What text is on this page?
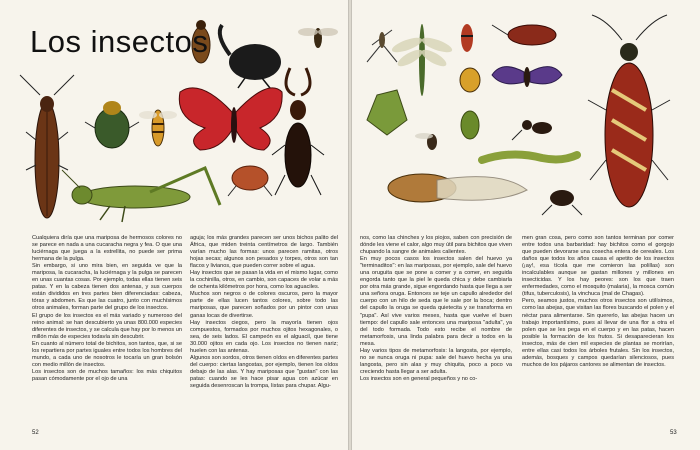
Los insectos

Cualquiera diría que una mariposa de hermosos colores no se parece en nada a una cucaracha negra y fea. O que una luciérnaga que juega a la estrellita, no puede ser prima hermana de la pulga.

Sin embargo, si uno mira bien, en seguida ve que la mariposa, la cucaracha, la luciérnaga y la pulga se parecen en unas cuantas cosas. Por ejemplo, todas ellas tienen seis patas. Y en la cabeza tienen dos antenas, y sus cuerpos están divididos en tres partes bien diferenciadas: cabeza, tórax y abdomen. Es que las cuatro, junto con muchísimos otros animales, forman parte del grupo de los insectos.

El grupo de los insectos es el más variado y numeroso del reino animal: se han descubierto ya unas 800.000 especies diferentes de insectos, y se calcula que hay por lo menos un millón más de especies todavía sin descubrir.

En cuanto al número total de bichitos, son tantos, que, si se los repartiera por partes iguales entre todos los hombres del mundo, a cada uno de nosotros le tocaría un gran bolsón con medio millón de insectos.

Los insectos son de muchos tamaños: los más chiquitos pasan cómodamente por el ojo de una

aguja; los más grandes parecen ser unos bichos palito del África, que miden treinta centímetros de largo. También varían mucho las formas: unos parecen ramitas, otros hojas secas; algunos son pesados y torpes, otros son tan flacos y livianos, que pueden correr sobre el agua.

Hay insectos que se pasan la vida en el mismo lugar, como la cochinilla, otros, en cambio, son capaces de volar a más de ochenta kilómetros por hora, como los aguaciles.

Muchos son negros o de colores oscuros, pero la mayor parte de ellas lucen tantos colores, sobre todo las mariposas, que parecen soñados por un pintor con unas ganas locas de divertirse.

Hay insectos ciegos, pero la mayoría tienen ojos compuestos, formados por muchos ojitos hexagonales, o sea, de seis lados. El campeón es el alguacil, que tiene 30.000 ojitos en cada ojo. Los insectos no tienen nariz; huelen con las antenas.

Algunos son sordos, otros tienen oídos en diferentes partes del cuerpo: ciertas langostas, por ejemplo, tienen los oídos debajo de las alas. Y hay mariposas que "gustan" con las patas: cuando se les hace pisar agua con azúcar en seguida desenroscan la trompa, listas para chupar. Algu-

52

nos, como las chinches y los piojos, saben con precisión de dónde les viene el calor, algo muy útil para bichitos que viven chupando la sangre de animales calientes.

En muy pocos casos los insectos salen del huevo ya "terminaditos": en las mariposas, por ejemplo, sale del huevo una oruguita que se pone a comer y a comer, en seguida engorda tanto que la piel le queda chica y debe cambiarla por otra más grande, sigue engordando hasta que llega a ser una señora oruga. Entonces se teje un capullo alrededor del cuerpo con un hilo de seda que le sale por la boca; dentro del capullo la oruga se queda quietecita y se transforma en "pupa". Así vive varios meses, hasta que vuelve el buen tiempo: del capullo sale entonces una mariposa "adulta", ya del todo formada. Todo esto recibe el nombre de metamorfosis, una linda palabra para decir a todos en la mesa.

Hay varios tipos de metamorfosis: la langosta, por ejemplo, no se nunca oruga ni pupa: sale del huevo hecha ya una langosta, pero sin alas y muy chiquita, poco a poco va creciendo hasta llegar a ser adulta.

Los insectos son en general pequeños y no co-

men gran cosa, pero como son tantos terminan por comer entre todos una barbaridad: hay bichitos como el gorgojo que pueden devorarse una cosecha entera de cereales. Los daños que todos los años causa el apetito de los insectos (¡ay!, esa tícola que me comieron las polillas) son incalculables aunque se gastan millones y millones en insecticidas. Y los hay peores: son los que traen enfermedades, como el mosquito (malaria), la mosca común (tifus, tuberculosis), la vinchuca (mal de Chagas).

Pero, seamos justos, muchos otros insectos son utilísimos, como las abejas, que visitan las flores buscando el polen y el néctar para alimentarse. Sin quererlo, las abejas hacen un trabajo importantísimo, pues al llevar de una flor a otra el polen que se les pega en el cuerpo y en las patas, hacen posible la formación de los frutos. Si desaparecieran los insectos, más de cien mil especies de plantas se morirían, entre ellas casi todos los árboles frutales. Sin los insectos, además, bosques y campos quedarían silenciosos, pues muchos de los pájaros cantores se alimentan de insectos.

53
